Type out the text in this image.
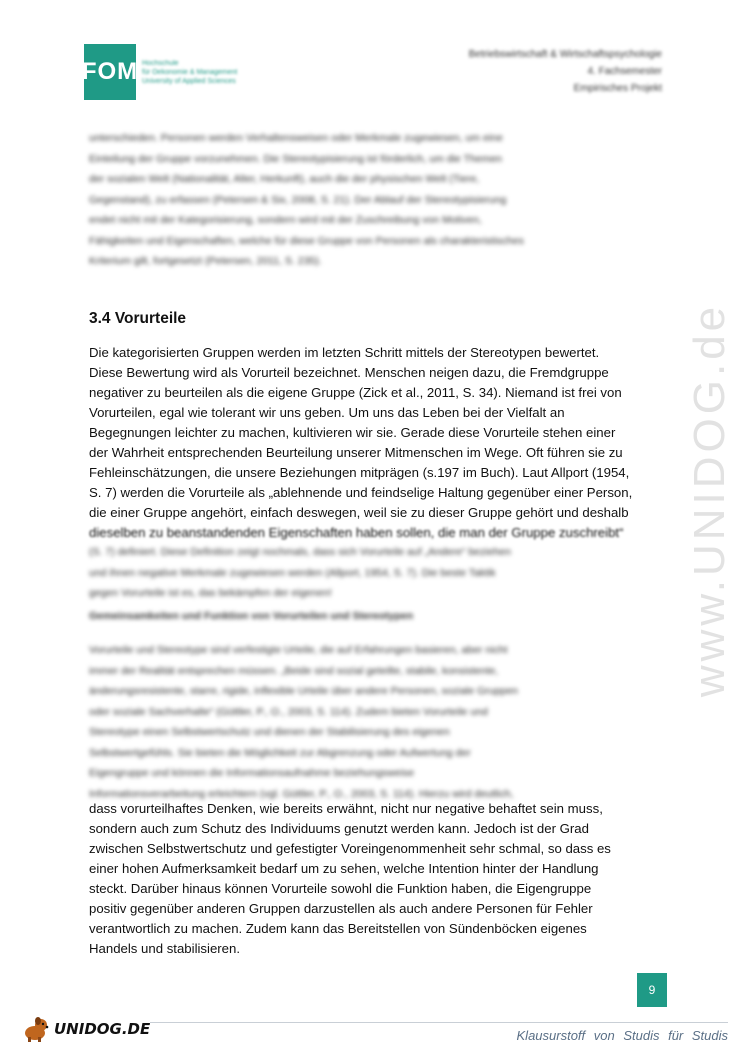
FOM Hochschule
für Oekonomie & Management
University of Applied Sciences
Betriebswirtschaft & Wirtschaftspsychologie
4. Fachsemester
Empirisches Projekt
unterschieden. Personen werden Verhaltensweisen oder Merkmale zugewiesen, um eine
Einteilung der Gruppe vorzunehmen. Die Stereotypisierung ist förderlich, um die Themen
der sozialen Welt (Nationalität, Alter, Herkunft), auch die der physischen Welt (Tiere,
Gegenstand), zu erfassen (Petersen & Six, 2008, S. 21). Der Ablauf der Stereotypisierung
endet nicht mit der Kategorisierung, sondern wird mit der Zuschreibung von Motiven,
Fähigkeiten und Eigenschaften, welche für diese Gruppe von Personen als charakteristisches
Kriterium gilt, fortgesetzt (Petersen, 2011, S. 235).
3.4 Vorurteile
Die kategorisierten Gruppen werden im letzten Schritt mittels der Stereotypen bewertet.
Diese Bewertung wird als Vorurteil bezeichnet. Menschen neigen dazu, die Fremdgruppe
negativer zu beurteilen als die eigene Gruppe (Zick et al., 2011, S. 34). Niemand ist frei von
Vorurteilen, egal wie tolerant wir uns geben. Um uns das Leben bei der Vielfalt an
Begegnungen leichter zu machen, kultivieren wir sie. Gerade diese Vorurteile stehen einer
der Wahrheit entsprechenden Beurteilung unserer Mitmenschen im Wege. Oft führen sie zu
Fehleinschätzungen, die unsere Beziehungen mitprägen (s.197 im Buch). Laut Allport (1954,
S. 7) werden die Vorurteile als „ablehnende und feindselige Haltung gegenüber einer Person,
die einer Gruppe angehört, einfach deswegen, weil sie zu dieser Gruppe gehört und deshalb
dieselben zu beanstandenden Eigenschaften haben sollen, die man der Gruppe zuschreibt“
(S. 7) definiert. Diese Definition zeigt nochmals, dass sich Vorurteile auf „Andere“ beziehen
und ihnen negative Merkmale zugewiesen werden (Allport, 1954, S. 7). Die beste Taktik
gegen Vorurteile ist es, das bekämpfen der eigenen!
Gemeinsamkeiten und Funktion von Vorurteilen und Stereotypen
Vorurteile und Stereotype sind verfestigte Urteile, die auf Erfahrungen basieren, aber nicht
immer der Realität entsprechen müssen. „Beide sind sozial geteilte, stabile, konsistente,
änderungsresistente, starre, rigide, inflexible Urteile über andere Personen, soziale Gruppen
oder soziale Sachverhalte“ (Güttler, P., O., 2003, S. 114). Zudem bieten Vorurteile und
Stereotype einen Selbstwertschutz und dienen der Stabilisierung des eigenen
Selbstwertgefühls. Sie bieten die Möglichkeit zur Abgrenzung oder Aufwertung der
Eigengruppe und können die Informationsaufnahme beziehungsweise
Informationsverarbeitung erleichtern (vgl. Güttler, P., O., 2003, S. 114). Hierzu wird deutlich,
dass vorurteilhaftes Denken, wie bereits erwähnt, nicht nur negative behaftet sein muss,
sondern auch zum Schutz des Individuums genutzt werden kann. Jedoch ist der Grad
zwischen Selbstwertschutz und gefestigter Voreingenommenheit sehr schmal, so dass es
einer hohen Aufmerksamkeit bedarf um zu sehen, welche Intention hinter der Handlung
steckt. Darüber hinaus können Vorurteile sowohl die Funktion haben, die Eigengruppe
positiv gegenüber anderen Gruppen darzustellen als auch andere Personen für Fehler
verantwortlich zu machen. Zudem kann das Bereitstellen von Sündenböcken eigenes
Handels und stabilisieren.
www.UNIDOG.de
9
UNIDOG.DE	Klausurstoff von Studis für Studis
